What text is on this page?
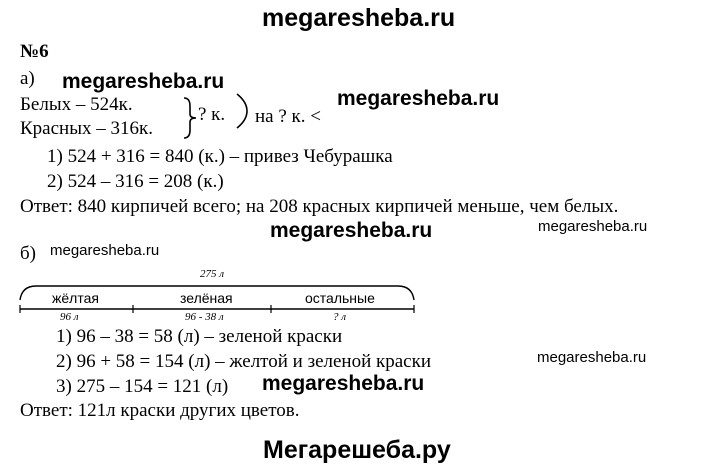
megaresheba.ru
№6
а) megaresheba.ru
megaresheba.ru
Белых – 524к.
Красных – 316к.
? к. на ? к. <
1) 524 + 316 = 840 (к.) – привез Чебурашка
2) 524 – 316 = 208 (к.)
Ответ: 840 кирпичей всего; на 208 красных кирпичей меньше, чем белых.
megaresheba.ru	megaresheba.ru
б) megaresheba.ru
275 л
жёлтая	зелёная	остальные
96 л	96 - 38 л	? л
1) 96 – 38 = 58 (л) – зеленой краски
2) 96 + 58 = 154 (л) – желтой и зеленой краски	megaresheba.ru
3) 275 – 154 = 121 (л) megaresheba.ru
Ответ: 121л краски других цветов.
Мегарешеба.ру
